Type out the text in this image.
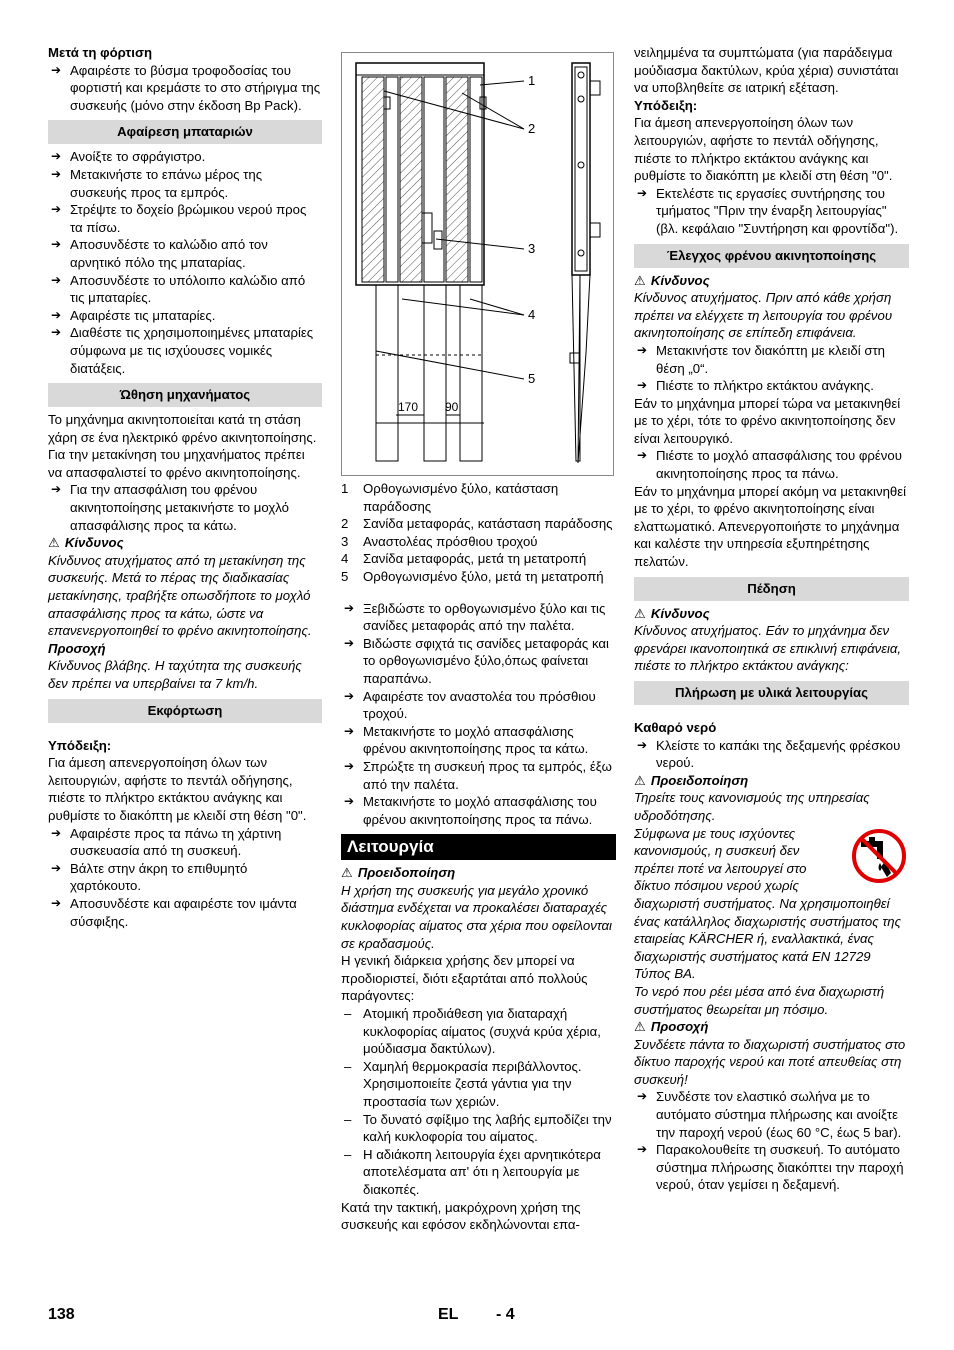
Μετά τη φόρτιση

➔ Αφαιρέστε το βύσμα τροφοδοσίας του φορτιστή και κρεμάστε το στο στήριγμα της συσκευής (μόνο στην έκδοση Bp Pack).
Αφαίρεση μπαταριών
➔ Ανοίξτε το σφράγιστρο.
➔ Μετακινήστε το επάνω μέρος της συσκευής προς τα εμπρός.
➔ Στρέψτε το δοχείο βρώμικου νερού προς τα πίσω.
➔ Αποσυνδέστε το καλώδιο από τον αρνητικό πόλο της μπαταρίας.
➔ Αποσυνδέστε το υπόλοιπο καλώδιο από τις μπαταρίες.
➔ Αφαιρέστε τις μπαταρίες.
➔ Διαθέστε τις χρησιμοποιημένες μπαταρίες σύμφωνα με τις ισχύουσες νομικές διατάξεις.
Ώθηση μηχανήματος

Το μηχάνημα ακινητοποιείται κατά τη στάση χάρη σε ένα ηλεκτρικό φρένο ακινητοποίησης. Για την μετακίνηση του μηχανήματος πρέπει να απασφαλιστεί το φρένο ακινητοποίησης.

➔ Για την απασφάλιση του φρένου ακινητοποίησης μετακινήστε το μοχλό απασφάλισης προς τα κάτω.

⚠ Κίνδυνος

Κίνδυνος ατυχήματος από τη μετακίνηση της συσκευής. Μετά το πέρας της διαδικασίας μετακίνησης, τραβήξτε οπωσδήποτε το μοχλό απασφάλισης προς τα κάτω, ώστε να επανενεργοποιηθεί το φρένο ακινητοποίησης.

Προσοχή

Κίνδυνος βλάβης. Η ταχύτητα της συσκευής δεν πρέπει να υπερβαίνει τα 7 km/h.

Εκφόρτωση

Υπόδειξη:

Για άμεση απενεργοποίηση όλων των λειτουργιών, αφήστε το πεντάλ οδήγησης, πιέστε το πλήκτρο εκτάκτου ανάγκης και ρυθμίστε το διακόπτη με κλειδί στη θέση "0".

➔ Αφαιρέστε προς τα πάνω τη χάρτινη συσκευασία από τη συσκευή.
➔ Βάλτε στην άκρη το επιθυμητό χαρτόκουτο.
➔ Αποσυνδέστε και αφαιρέστε τον ιμάντα σύσφιξης.
1
2
3
4
5
170 90
1	Ορθογωνισμένο ξύλο, κατάσταση παράδοσης
2	Σανίδα μεταφοράς, κατάσταση παράδοσης
3	Αναστολέας πρόσθιου τροχού
4	Σανίδα μεταφοράς, μετά τη μετατροπή
5	Ορθογωνισμένο ξύλο, μετά τη μετατροπή
➔ Ξεβιδώστε το ορθογωνισμένο ξύλο και τις σανίδες μεταφοράς από την παλέτα.
➔ Βιδώστε σφιχτά τις σανίδες μεταφοράς και το ορθογωνισμένο ξύλο,όπως φαίνεται παραπάνω.
➔ Αφαιρέστε τον αναστολέα του πρόσθιου τροχού.
➔ Μετακινήστε το μοχλό απασφάλισης φρένου ακινητοποίησης προς τα κάτω.
➔ Σπρώξτε τη συσκευή προς τα εμπρός, έξω από την παλέτα.
➔ Μετακινήστε το μοχλό απασφάλισης του φρένου ακινητοποίησης προς τα πάνω.
Λειτουργία

⚠ Προειδοποίηση

Η χρήση της συσκευής για μεγάλο χρονικό διάστημα ενδέχεται να προκαλέσει διαταραχές κυκλοφορίας αίματος στα χέρια που οφείλονται σε κραδασμούς.

Η γενική διάρκεια χρήσης δεν μπορεί να προδιοριστεί, διότι εξαρτάται από πολλούς παράγοντες:

– Ατομική προδιάθεση για διαταραχή κυκλοφορίας αίματος (συχνά κρύα χέρια, μούδιασμα δακτύλων).
– Χαμηλή θερμοκρασία περιβάλλοντος. Χρησιμοποιείτε ζεστά γάντια για την προστασία των χεριών.
– Το δυνατό σφίξιμο της λαβής εμποδίζει την καλή κυκλοφορία του αίματος.
– Η αδιάκοπη λειτουργία έχει αρνητικότερα αποτελέσματα απ' ότι η λειτουργία με διακοπές.

Κατά την τακτική, μακρόχρονη χρήση της συσκευής και εφόσον εκδηλώνονται επα-

νειλημμένα τα συμπτώματα (για παράδειγμα μούδιασμα δακτύλων, κρύα χέρια) συνιστάται να υποβληθείτε σε ιατρική εξέταση.

Υπόδειξη:

Για άμεση απενεργοποίηση όλων των λειτουργιών, αφήστε το πεντάλ οδήγησης, πιέστε το πλήκτρο εκτάκτου ανάγκης και ρυθμίστε το διακόπτη με κλειδί στη θέση "0".

➔ Εκτελέστε τις εργασίες συντήρησης του τμήματος "Πριν την έναρξη λειτουργίας" (βλ. κεφάλαιο "Συντήρηση και φροντίδα").
Έλεγχος φρένου ακινητοποίησης

⚠ Κίνδυνος

Κίνδυνος ατυχήματος. Πριν από κάθε χρήση πρέπει να ελέγχετε τη λειτουργία του φρένου ακινητοποίησης σε επίπεδη επιφάνεια.

➔ Μετακινήστε τον διακόπτη με κλειδί στη θέση „0“.
➔ Πιέστε το πλήκτρο εκτάκτου ανάγκης.

Εάν το μηχάνημα μπορεί τώρα να μετακινηθεί με το χέρι, τότε το φρένο ακινητοποίησης δεν είναι λειτουργικό.

➔ Πιέστε το μοχλό απασφάλισης του φρένου ακινητοποίησης προς τα πάνω.

Εάν το μηχάνημα μπορεί ακόμη να μετακινηθεί με το χέρι, το φρένο ακινητοποίησης είναι ελαττωματικό. Απενεργοποιήστε το μηχάνημα και καλέστε την υπηρεσία εξυπηρέτησης πελατών.

Πέδηση

⚠ Κίνδυνος

Κίνδυνος ατυχήματος. Εάν το μηχάνημα δεν φρενάρει ικανοποιητικά σε επικλινή επιφάνεια, πιέστε το πλήκτρο εκτάκτου ανάγκης:

Πλήρωση με υλικά λειτουργίας

Καθαρό νερό

➔ Κλείστε το καπάκι της δεξαμενής φρέσκου νερού.

⚠ Προειδοποίηση

Τηρείτε τους κανονισμούς της υπηρεσίας υδροδότησης.

Σύμφωνα με τους ισχύοντες κανονισμούς, η συσκευή δεν πρέπει ποτέ να λειτουργεί στο δίκτυο πόσιμου νερού χωρίς διαχωριστή συστήματος. Να χρησιμοποιηθεί ένας κατάλληλος διαχωριστής συστήματος της εταιρείας KÄRCHER ή, εναλλακτικά, ένας διαχωριστής συστήματος κατά EN 12729 Τύπος BA.

Το νερό που ρέει μέσα από ένα διαχωριστή συστήματος θεωρείται μη πόσιμο.

⚠ Προσοχή

Συνδέετε πάντα το διαχωριστή συστήματος στο δίκτυο παροχής νερού και ποτέ απευθείας στη συσκευή!

➔ Συνδέστε τον ελαστικό σωλήνα με το αυτόματο σύστημα πλήρωσης και ανοίξτε την παροχή νερού (έως 60 °C, έως 5 bar).
➔ Παρακολουθείτε τη συσκευή. Το αυτόματο σύστημα πλήρωσης διακόπτει την παροχή νερού, όταν γεμίσει η δεξαμενή.
138	EL - 4
